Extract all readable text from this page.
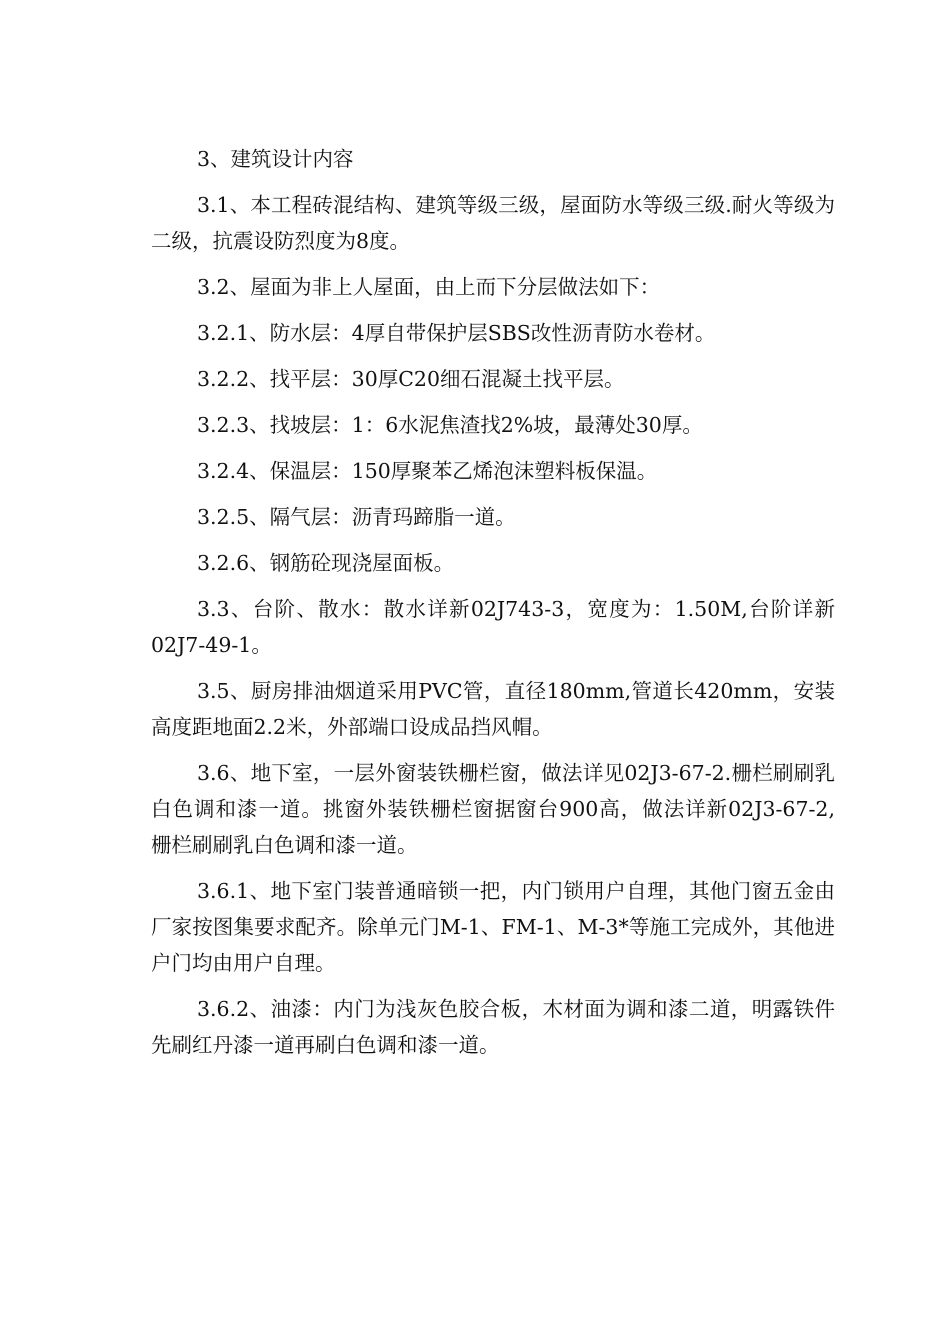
3、建筑设计内容

3.1、本工程砖混结构、建筑等级三级，屋面防水等级三级.耐火等级为二级，抗震设防烈度为8度。

3.2、屋面为非上人屋面，由上而下分层做法如下：

3.2.1、防水层：4厚自带保护层SBS改性沥青防水卷材。

3.2.2、找平层：30厚C20细石混凝土找平层。

3.2.3、找坡层：1：6水泥焦渣找2%坡，最薄处30厚。

3.2.4、保温层：150厚聚苯乙烯泡沫塑料板保温。

3.2.5、隔气层：沥青玛蹄脂一道。

3.2.6、钢筋砼现浇屋面板。

3.3、台阶、散水：散水详新02J743-3，宽度为：1.50M,台阶详新02J7-49-1。

3.5、厨房排油烟道采用PVC管，直径180mm,管道长420mm，安装高度距地面2.2米，外部端口设成品挡风帽。

3.6、地下室，一层外窗装铁栅栏窗，做法详见02J3-67-2.栅栏刷刷乳白色调和漆一道。挑窗外装铁栅栏窗据窗台900高，做法详新02J3-67-2, 栅栏刷刷乳白色调和漆一道。

3.6.1、地下室门装普通暗锁一把，内门锁用户自理，其他门窗五金由厂家按图集要求配齐。除单元门M-1、FM-1、M-3*等施工完成外，其他进户门均由用户自理。

3.6.2、油漆：内门为浅灰色胶合板，木材面为调和漆二道，明露铁件先刷红丹漆一道再刷白色调和漆一道。
